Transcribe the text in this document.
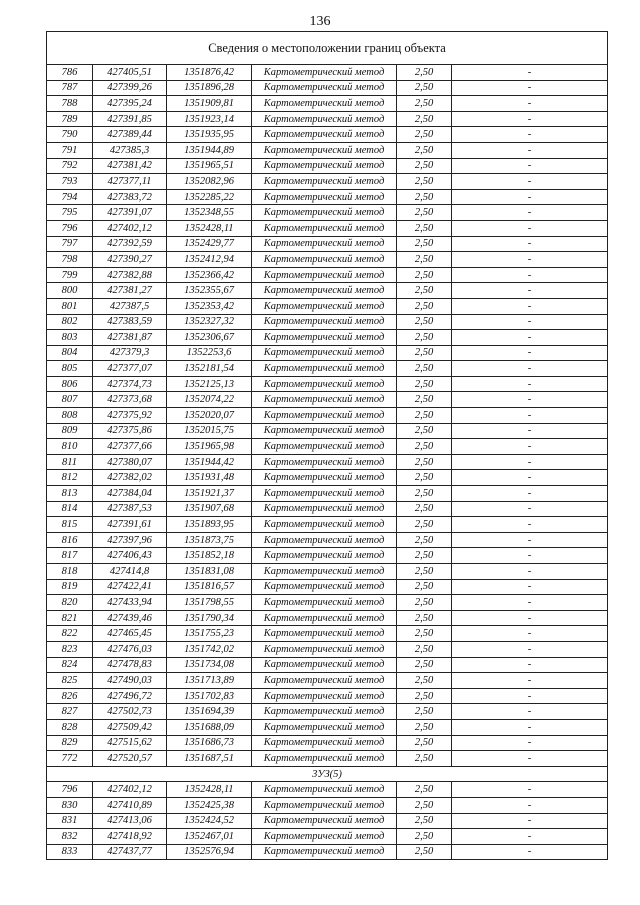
136
Сведения о местоположении границ объекта					
786	427405,51	1351876,42	Картометрический метод	2,50	-
787	427399,26	1351896,28	Картометрический метод	2,50	-
788	427395,24	1351909,81	Картометрический метод	2,50	-
789	427391,85	1351923,14	Картометрический метод	2,50	-
790	427389,44	1351935,95	Картометрический метод	2,50	-
791	427385,3	1351944,89	Картометрический метод	2,50	-
792	427381,42	1351965,51	Картометрический метод	2,50	-
793	427377,11	1352082,96	Картометрический метод	2,50	-
794	427383,72	1352285,22	Картометрический метод	2,50	-
795	427391,07	1352348,55	Картометрический метод	2,50	-
796	427402,12	1352428,11	Картометрический метод	2,50	-
797	427392,59	1352429,77	Картометрический метод	2,50	-
798	427390,27	1352412,94	Картометрический метод	2,50	-
799	427382,88	1352366,42	Картометрический метод	2,50	-
800	427381,27	1352355,67	Картометрический метод	2,50	-
801	427387,5	1352353,42	Картометрический метод	2,50	-
802	427383,59	1352327,32	Картометрический метод	2,50	-
803	427381,87	1352306,67	Картометрический метод	2,50	-
804	427379,3	1352253,6	Картометрический метод	2,50	-
805	427377,07	1352181,54	Картометрический метод	2,50	-
806	427374,73	1352125,13	Картометрический метод	2,50	-
807	427373,68	1352074,22	Картометрический метод	2,50	-
808	427375,92	1352020,07	Картометрический метод	2,50	-
809	427375,86	1352015,75	Картометрический метод	2,50	-
810	427377,66	1351965,98	Картометрический метод	2,50	-
811	427380,07	1351944,42	Картометрический метод	2,50	-
812	427382,02	1351931,48	Картометрический метод	2,50	-
813	427384,04	1351921,37	Картометрический метод	2,50	-
814	427387,53	1351907,68	Картометрический метод	2,50	-
815	427391,61	1351893,95	Картометрический метод	2,50	-
816	427397,96	1351873,75	Картометрический метод	2,50	-
817	427406,43	1351852,18	Картометрический метод	2,50	-
818	427414,8	1351831,08	Картометрический метод	2,50	-
819	427422,41	1351816,57	Картометрический метод	2,50	-
820	427433,94	1351798,55	Картометрический метод	2,50	-
821	427439,46	1351790,34	Картометрический метод	2,50	-
822	427465,45	1351755,23	Картометрический метод	2,50	-
823	427476,03	1351742,02	Картометрический метод	2,50	-
824	427478,83	1351734,08	Картометрический метод	2,50	-
825	427490,03	1351713,89	Картометрический метод	2,50	-
826	427496,72	1351702,83	Картометрический метод	2,50	-
827	427502,73	1351694,39	Картометрический метод	2,50	-
828	427509,42	1351688,09	Картометрический метод	2,50	-
829	427515,62	1351686,73	Картометрический метод	2,50	-
772	427520,57	1351687,51	Картометрический метод	2,50	-
3УЗ(5)					
796	427402,12	1352428,11	Картометрический метод	2,50	-
830	427410,89	1352425,38	Картометрический метод	2,50	-
831	427413,06	1352424,52	Картометрический метод	2,50	-
832	427418,92	1352467,01	Картометрический метод	2,50	-
833	427437,77	1352576,94	Картометрический метод	2,50	-
